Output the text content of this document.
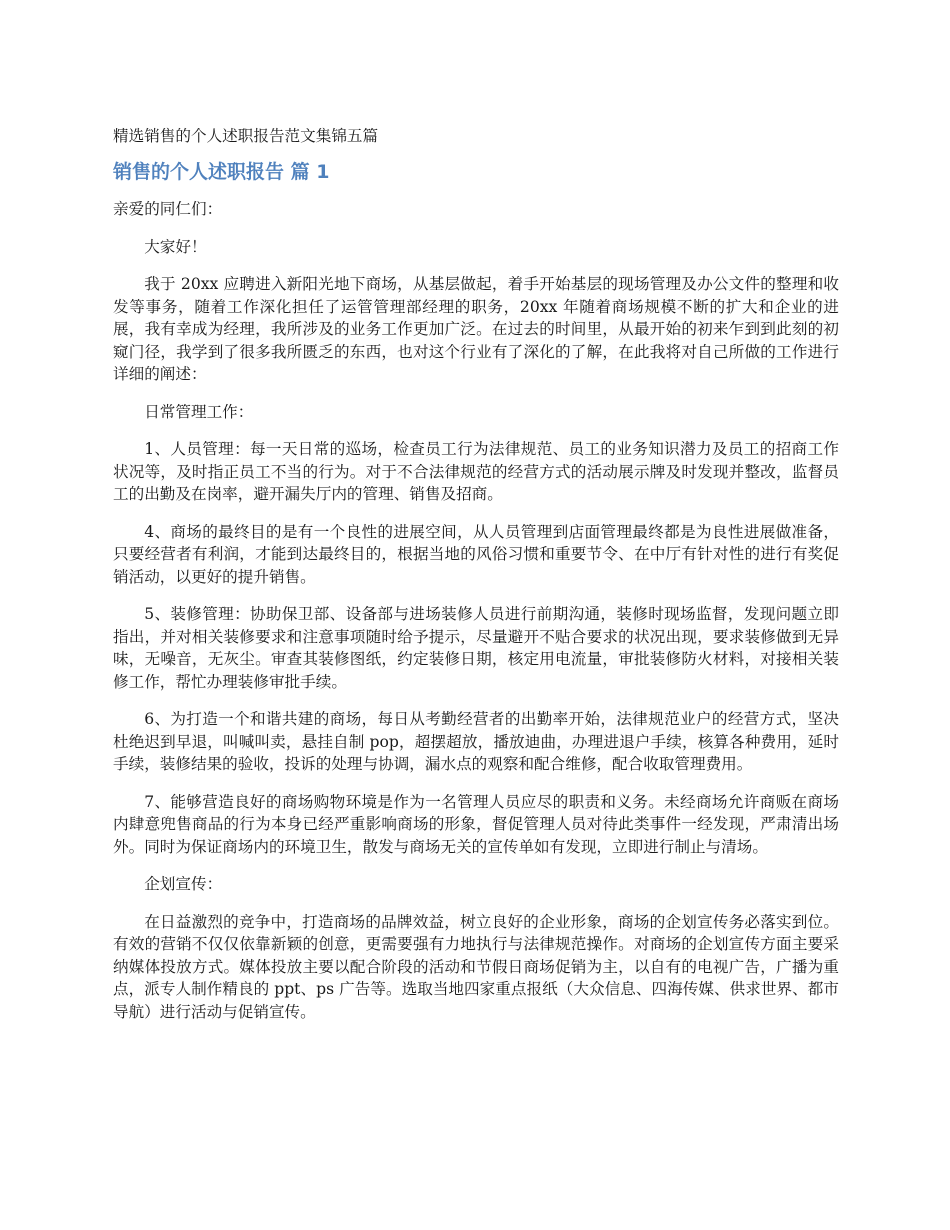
精选销售的个人述职报告范文集锦五篇
销售的个人述职报告 篇 1

亲爱的同仁们：

大家好！

我于 20xx 应聘进入新阳光地下商场，从基层做起，着手开始基层的现场管理及办公文件的整理和收发等事务，随着工作深化担任了运管管理部经理的职务，20xx 年随着商场规模不断的扩大和企业的进展，我有幸成为经理，我所涉及的业务工作更加广泛。在过去的时间里，从最开始的初来乍到到此刻的初窥门径，我学到了很多我所匮乏的东西，也对这个行业有了深化的了解，在此我将对自己所做的工作进行详细的阐述：

日常管理工作：

1、人员管理：每一天日常的巡场，检查员工行为法律规范、员工的业务知识潜力及员工的招商工作状况等，及时指正员工不当的行为。对于不合法律规范的经营方式的活动展示牌及时发现并整改，监督员工的出勤及在岗率，避开漏失厅内的管理、销售及招商。

4、商场的最终目的是有一个良性的进展空间，从人员管理到店面管理最终都是为良性进展做准备，只要经营者有利润，才能到达最终目的，根据当地的风俗习惯和重要节令、在中厅有针对性的进行有奖促销活动，以更好的提升销售。

5、装修管理：协助保卫部、设备部与进场装修人员进行前期沟通，装修时现场监督，发现问题立即指出，并对相关装修要求和注意事项随时给予提示，尽量避开不贴合要求的状况出现，要求装修做到无异味，无噪音，无灰尘。审查其装修图纸，约定装修日期，核定用电流量，审批装修防火材料，对接相关装修工作，帮忙办理装修审批手续。

6、为打造一个和谐共建的商场，每日从考勤经营者的出勤率开始，法律规范业户的经营方式，坚决杜绝迟到早退，叫喊叫卖，悬挂自制 pop，超摆超放，播放迪曲，办理进退户手续，核算各种费用，延时手续，装修结果的验收，投诉的处理与协调，漏水点的观察和配合维修，配合收取管理费用。

7、能够营造良好的商场购物环境是作为一名管理人员应尽的职责和义务。未经商场允许商贩在商场内肆意兜售商品的行为本身已经严重影响商场的形象，督促管理人员对待此类事件一经发现，严肃清出场外。同时为保证商场内的环境卫生，散发与商场无关的宣传单如有发现，立即进行制止与清场。

企划宣传：

在日益激烈的竞争中，打造商场的品牌效益，树立良好的企业形象，商场的企划宣传务必落实到位。有效的营销不仅仅依靠新颖的创意，更需要强有力地执行与法律规范操作。对商场的企划宣传方面主要采纳媒体投放方式。媒体投放主要以配合阶段的活动和节假日商场促销为主，以自有的电视广告，广播为重点，派专人制作精良的 ppt、ps 广告等。选取当地四家重点报纸（大众信息、四海传媒、供求世界、都市导航）进行活动与促销宣传。
